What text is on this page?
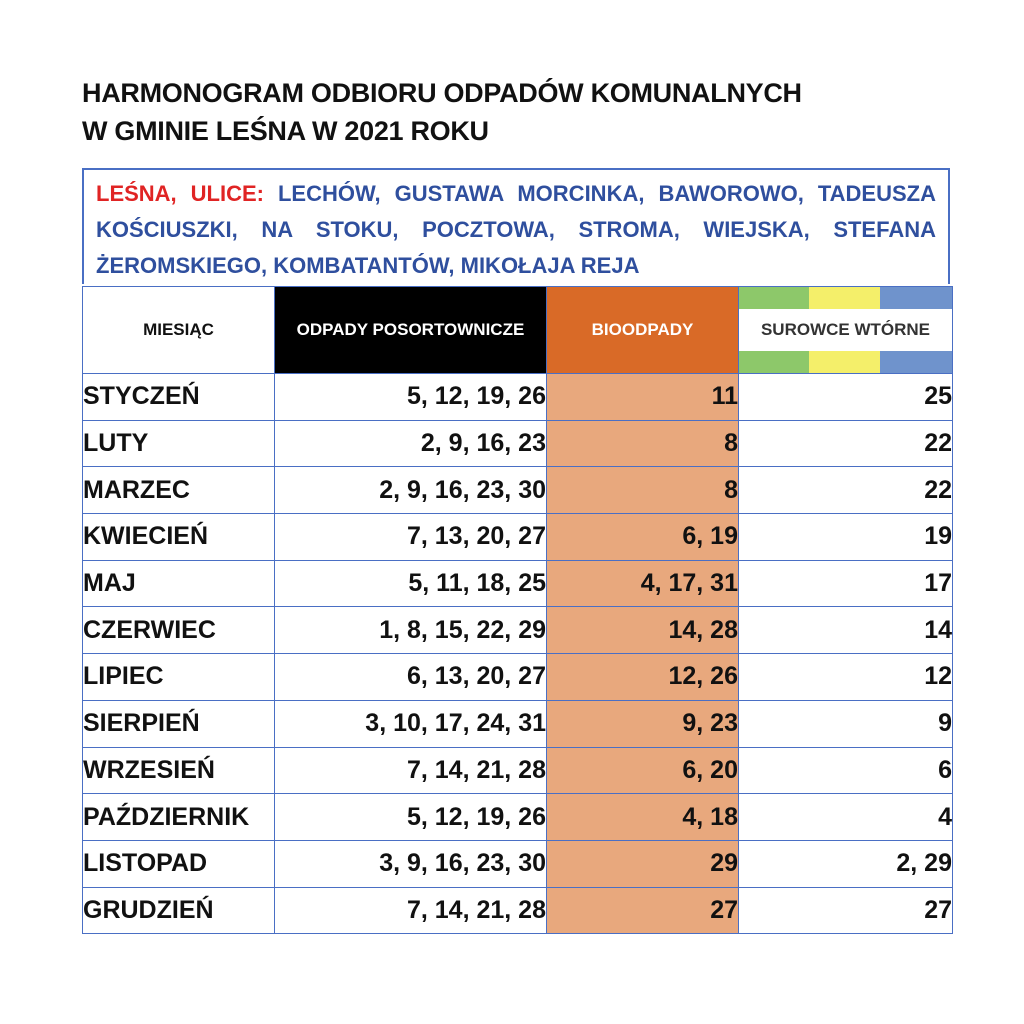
HARMONOGRAM ODBIORU ODPADÓW KOMUNALNYCH
W GMINIE LEŚNA W 2021 ROKU
LEŚNA, ULICE: LECHÓW, GUSTAWA MORCINKA, BAWOROWO, TADEUSZA KOŚCIUSZKI, NA STOKU, POCZTOWA, STROMA, WIEJSKA, STEFANA ŻEROMSKIEGO, KOMBATANTÓW, MIKOŁAJA REJA
MIESIĄC	ODPADY POSORTOWNICZE	BIOODPADY	SUROWCE WTÓRNE
STYCZEŃ	5, 12, 19, 26	11	25
LUTY	2, 9, 16, 23	8	22
MARZEC	2, 9, 16, 23, 30	8	22
KWIECIEŃ	7, 13, 20, 27	6, 19	19
MAJ	5, 11, 18, 25	4, 17, 31	17
CZERWIEC	1, 8, 15, 22, 29	14, 28	14
LIPIEC	6, 13, 20, 27	12, 26	12
SIERPIEŃ	3, 10, 17, 24, 31	9, 23	9
WRZESIEŃ	7, 14, 21, 28	6, 20	6
PAŹDZIERNIK	5, 12, 19, 26	4, 18	4
LISTOPAD	3, 9, 16, 23, 30	29	2, 29
GRUDZIEŃ	7, 14, 21, 28	27	27
